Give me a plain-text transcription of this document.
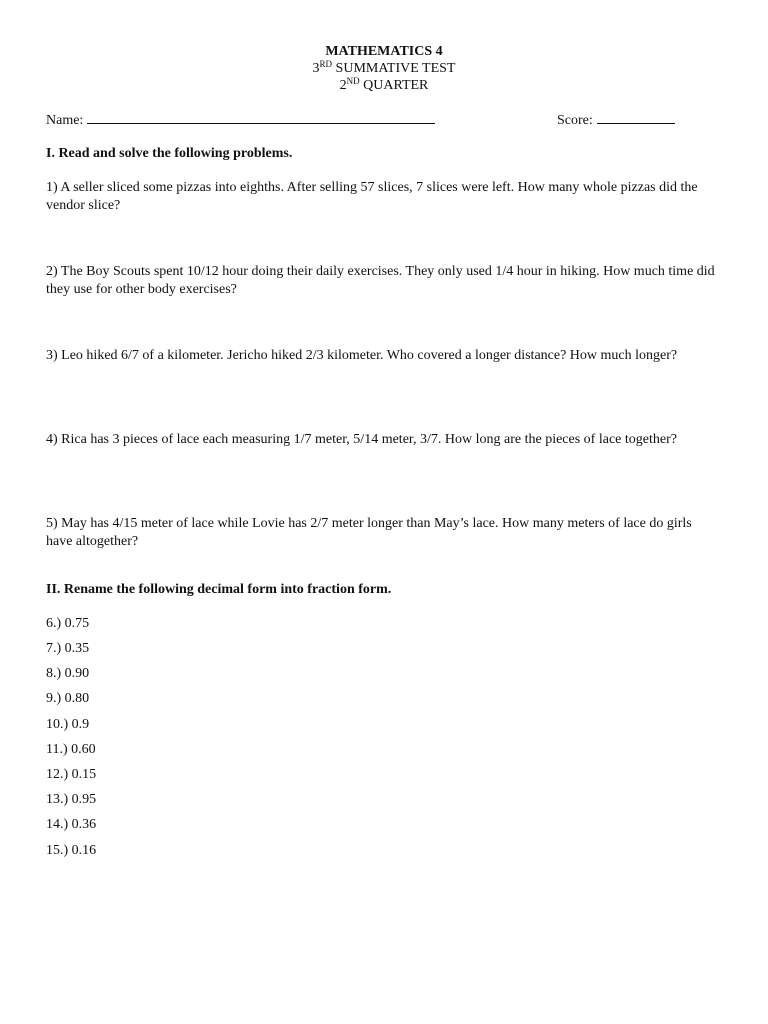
MATHEMATICS 4
3RD SUMMATIVE TEST
2ND QUARTER
Name:	Score:
I. Read and solve the following problems.
1) A seller sliced some pizzas into eighths. After selling 57 slices, 7 slices were left. How many whole pizzas did the vendor slice?
2) The Boy Scouts spent 10/12 hour doing their daily exercises. They only used 1/4 hour in hiking. How much time did they use for other body exercises?
3) Leo hiked 6/7 of a kilometer. Jericho hiked 2/3 kilometer. Who covered a longer distance? How much longer?
4) Rica has 3 pieces of lace each measuring 1/7 meter, 5/14 meter, 3/7. How long are the pieces of lace together?
5) May has 4/15 meter of lace while Lovie has 2/7 meter longer than May’s lace. How many meters of lace do girls have altogether?
II. Rename the following decimal form into fraction form.
6.) 0.75
7.) 0.35
8.) 0.90
9.) 0.80
10.) 0.9
11.) 0.60
12.) 0.15
13.) 0.95
14.) 0.36
15.) 0.16
